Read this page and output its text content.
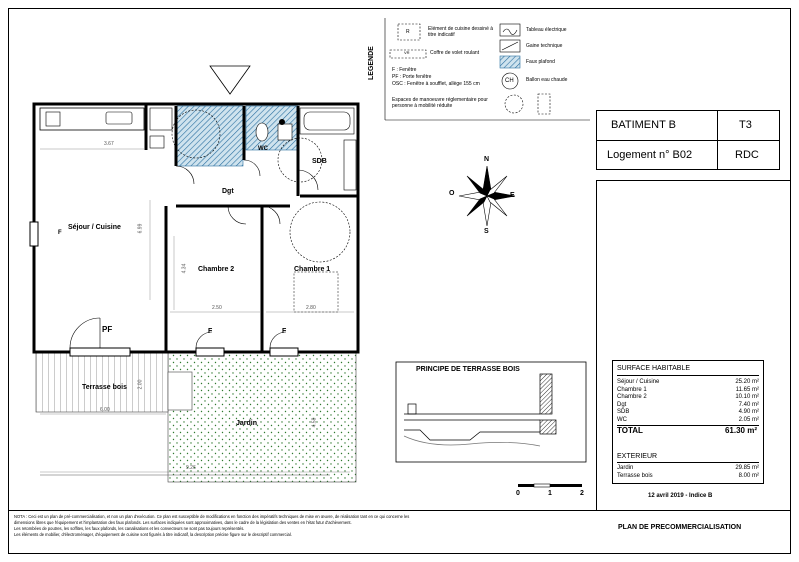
Séjour / Cuisine
Chambre 2	Chambre 1
SDB
WC
Dgt
PF	F	F
F
Terrasse bois
Jardin
3.67
6.99
4.34
2.50	2.80
6.00
2.00
4.58
9.26
N
S
E
O
LEGENDE
R	Elément de cuisine dessiné à titre indicatif
VR	Coffre de volet roulant
F : Fenêtre
PF : Porte fenêtre
OSC : Fenêtre à soufflet, allège 155 cm
Espaces de manoeuvre réglementaire pour personne à mobilité réduite
Tableau électrique
Gaine technique
Faux plafond
CH Ballon eau chaude
BATIMENT B	T3
Logement n° B02	RDC
SURFACE HABITABLE
Séjour / Cuisine	25.20 m²
Chambre 1	11.65 m²
Chambre 2	10.10 m²
Dgt	7.40 m²
SDB	4.90 m²
WC	2.05 m²
TOTAL	61.30 m²
EXTERIEUR
Jardin	29.85 m²
Terrasse bois	8.00 m²
PRINCIPE DE TERRASSE BOIS
0	1	2	12 avril 2019 - Indice B
PLAN DE PRECOMMERCIALISATION
NOTA : Ceci est un plan de pré-commercialisation, et non un plan d'exécution. Ce plan est susceptible de modifications en fonction des impératifs techniques de mise en œuvre, de réalisation tant en ce qui concerne les
dimensions libres que l'équipement et l'implantation des faux plafonds. Les surfaces indiquées sont approximatives, dans le cadre de la législation des ventes en l'état futur d'achèvement.
Les retombées de poutres, les soffites, les faux plafonds, les canalisations et les convecteurs ne sont pas toujours représentés.
Les éléments de mobilier, d'électroménager, d'équipement de cuisine sont figurés à titre indicatif, la description précise figure sur le descriptif commercial.
